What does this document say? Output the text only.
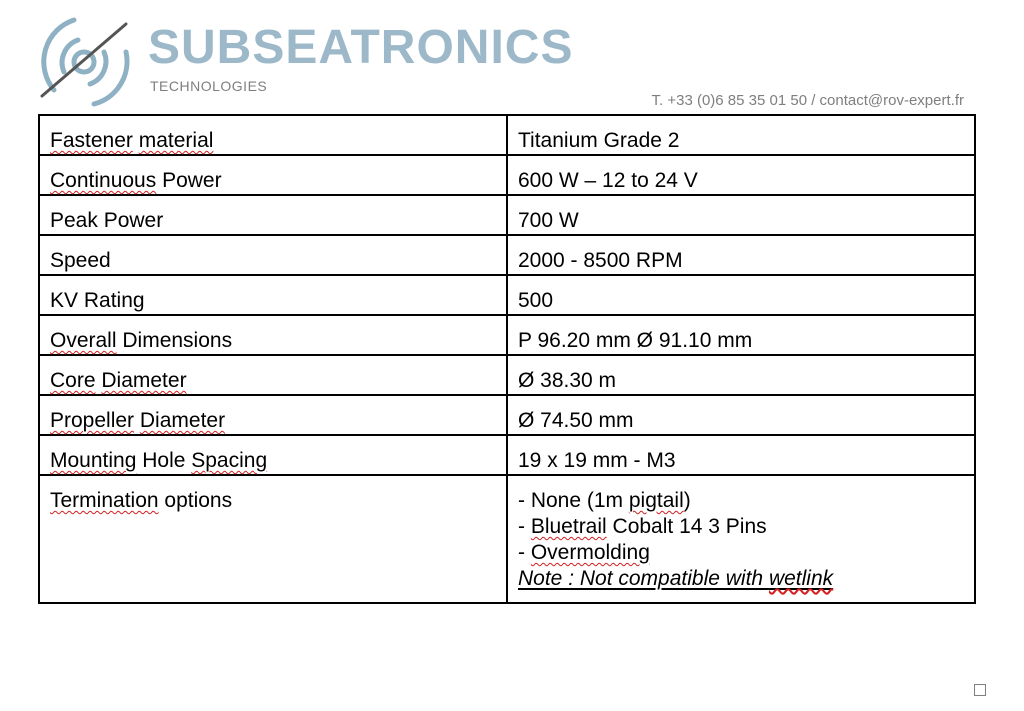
SUBSEATRONICS
TECHNOLOGIES
T. +33 (0)6 85 35 01 50 / contact@rov-expert.fr
Fastener material	Titanium Grade 2
Continuous Power	600 W – 12 to 24 V
Peak Power	700 W
Speed	2000 - 8500 RPM
KV Rating	500
Overall Dimensions	P 96.20 mm Ø 91.10 mm
Core Diameter	Ø 38.30 m
Propeller Diameter	Ø 74.50 mm
Mounting Hole Spacing	19 x 19 mm - M3
Termination options	- None (1m pigtail)
- Bluetrail Cobalt 14 3 Pins
- Overmolding
Note : Not compatible with wetlink
